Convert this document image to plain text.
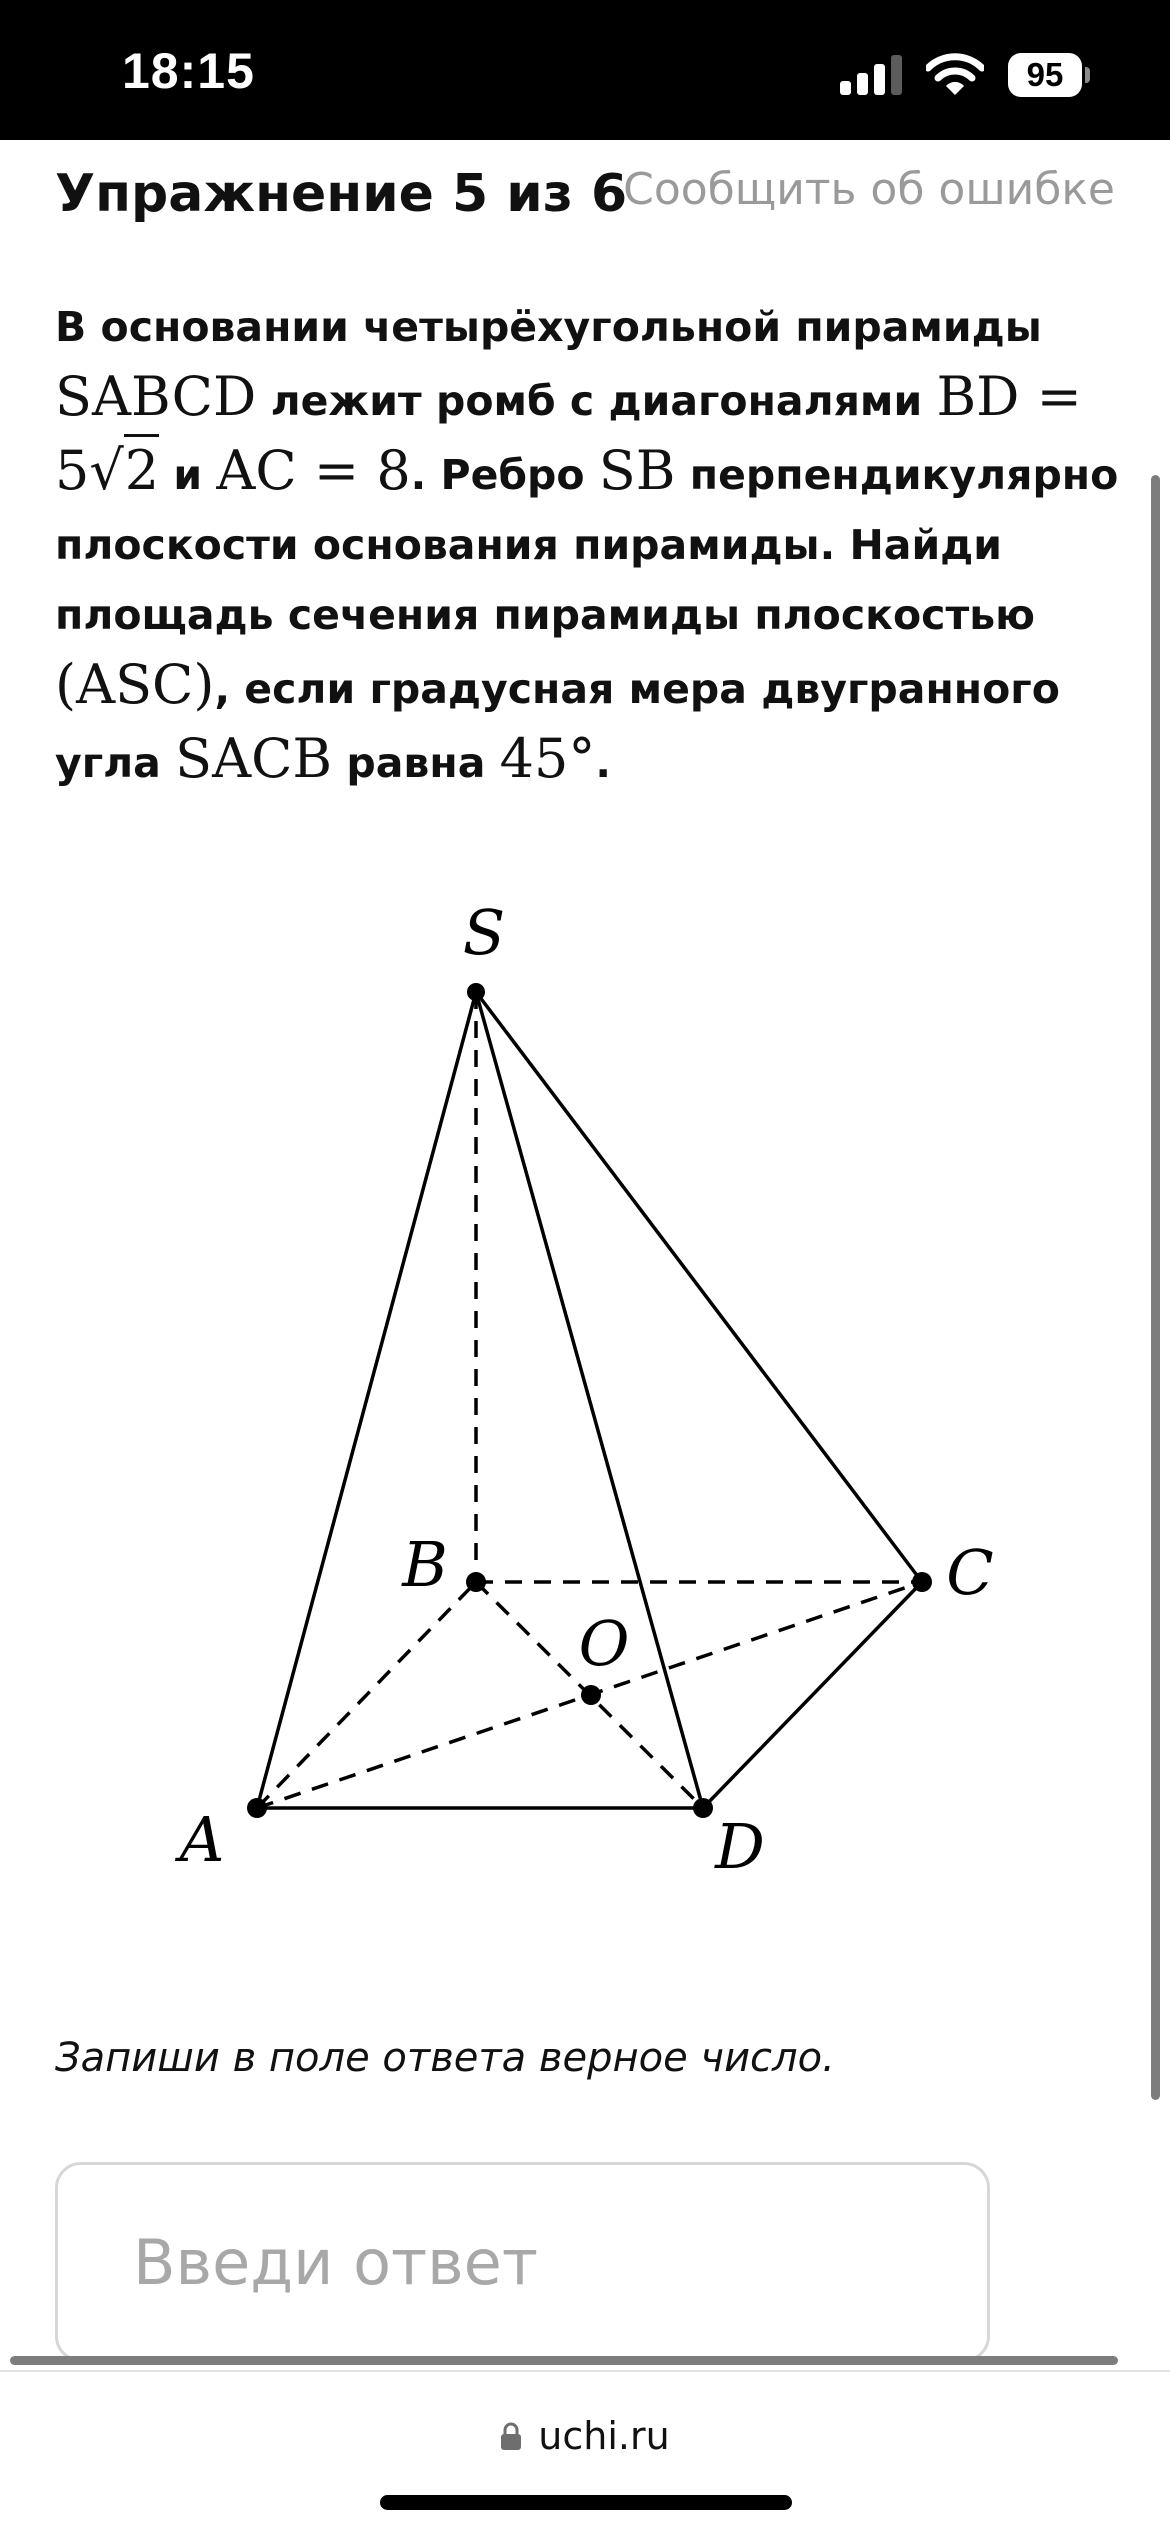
18:15	95
Упражнение 5 из 6
Сообщить об ошибке
В основании четырёхугольной пирамиды SABCD лежит ромб с диагоналями BD = 5√2 и AC = 8. Ребро SB перпендикулярно плоскости основания пирамиды. Найди площадь сечения пирамиды плоскостью (ASC), если градусная мера двугранного угла SACB равна 45°.
S
B	C
O
A	D
Запиши в поле ответа верное число.
Введи ответ
uchi.ru
